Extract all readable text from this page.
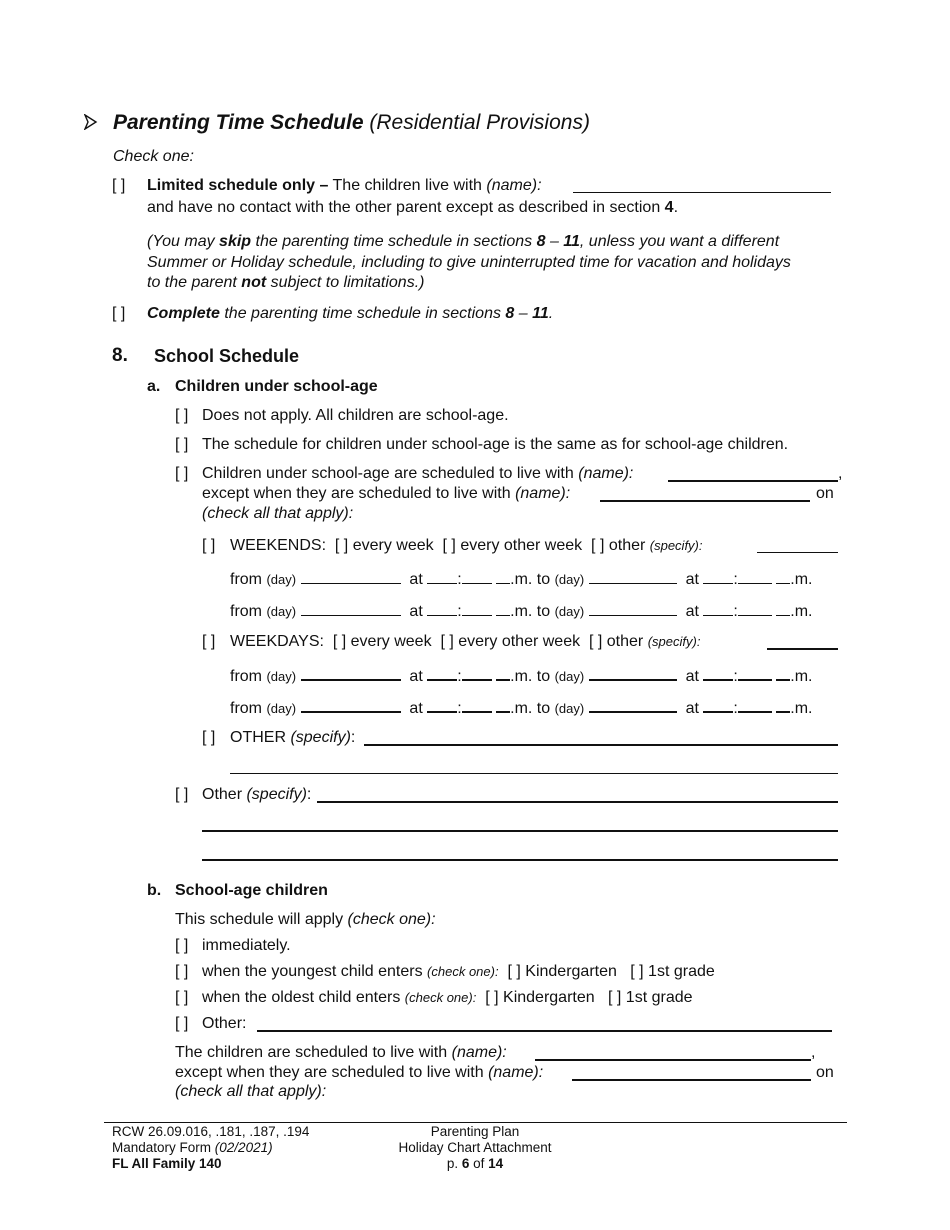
Parenting Time Schedule (Residential Provisions)
Check one:
[ ] Limited schedule only – The children live with (name):
and have no contact with the other parent except as described in section 4.
(You may skip the parenting time schedule in sections 8 – 11, unless you want a different
Summer or Holiday schedule, including to give uninterrupted time for vacation and holidays
to the parent not subject to limitations.)
[ ] Complete the parenting time schedule in sections 8 – 11.
8. School Schedule
a. Children under school-age
[ ] Does not apply. All children are school-age.
[ ] The schedule for children under school-age is the same as for school-age children.
[ ] Children under school-age are scheduled to live with (name):	,
except when they are scheduled to live with (name):	on
(check all that apply):
[ ] WEEKENDS: [ ] every week [ ] every other week [ ] other (specify):
from (day)	at :	.m. to (day)	at :	.m.
from (day)	at :	.m. to (day)	at :	.m.
[ ] WEEKDAYS: [ ] every week [ ] every other week [ ] other (specify):
from (day)	at :	.m. to (day)	at :	.m.
from (day)	at :	.m. to (day)	at :	.m.
[ ] OTHER (specify):
[ ] Other (specify):
b. School-age children
This schedule will apply (check one):
[ ] immediately.
[ ] when the youngest child enters (check one): [ ] Kindergarten [ ] 1st grade
[ ] when the oldest child enters (check one): [ ] Kindergarten [ ] 1st grade
[ ] Other:
The children are scheduled to live with (name):	,
except when they are scheduled to live with (name):	on
(check all that apply):
RCW 26.09.016, .181, .187, .194
Mandatory Form (02/2021)
FL All Family 140
Parenting Plan
Holiday Chart Attachment
p. 6 of 14
